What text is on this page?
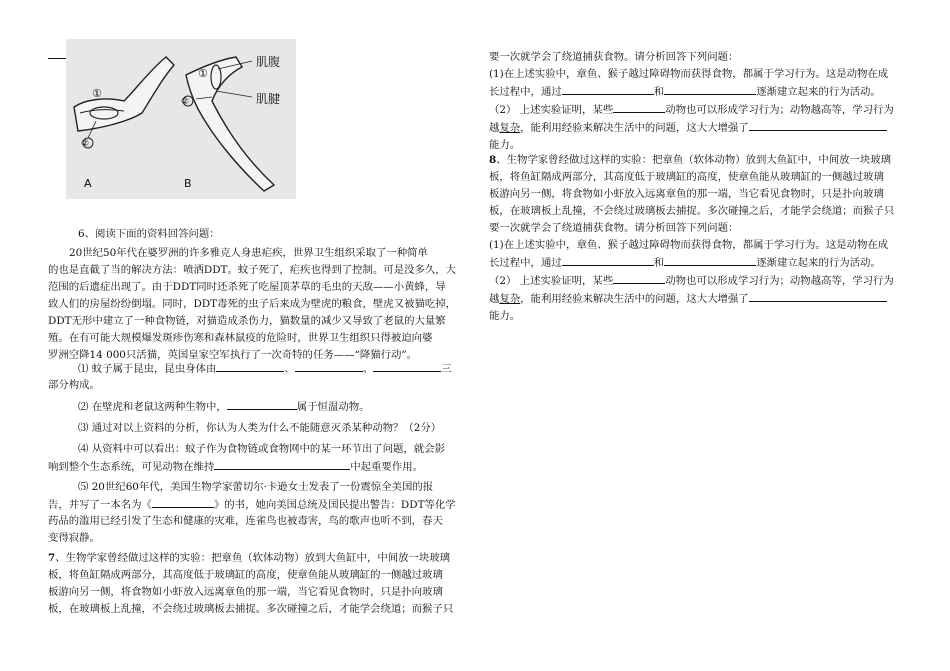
A	B
①
②
①
②
肌腹
肌腱

6、阅读下面的资料回答问题：

20世纪50年代在婆罗洲的许多雅克人身患疟疾，世界卫生组织采取了一种简单

的也是直截了当的解决方法：喷洒DDT。蚊子死了，疟疾也得到了控制。可是没多久，大

范围的后遗症出现了。由于DDT同时还杀死了吃屋顶茅草的毛虫的天敌——小黄蜂，导

致人们的房屋纷纷倒塌。同时，DDT毒死的虫子后来成为壁虎的粮食，壁虎又被猫吃掉，

DDT无形中建立了一种食物链，对猫造成杀伤力，猫数量的减少又导致了老鼠的大量繁

殖。在有可能大规模爆发斑疹伤寒和森林鼠疫的危险时，世界卫生组织只得被迫向婆

罗洲空降14 000只活猫，英国皇家空军执行了一次奇特的任务——“降猫行动”。

⑴ 蚊子属于昆虫，昆虫身体由	、	、	三

部分构成。

⑵ 在壁虎和老鼠这两种生物中，	属于恒温动物。

⑶ 通过对以上资料的分析，你认为人类为什么不能随意灭杀某种动物？（2分）

⑷ 从资料中可以看出：蚊子作为食物链或食物网中的某一环节出了问题，就会影

响到整个生态系统，可见动物在维持	中起重要作用。

⑸ 20世纪60年代，美国生物学家蕾切尔·卡逊女士发表了一份震惊全美国的报

告，并写了一本名为《	》的书，她向美国总统及国民提出警告：DDT等化学

药品的滥用已经引发了生态和健康的灾难，连雀鸟也被毒害，鸟的歌声也听不到，春天

变得寂静。

7、生物学家曾经做过这样的实验：把章鱼（软体动物）放到大鱼缸中，中间放一块玻璃

板，将鱼缸隔成两部分，其高度低于玻璃缸的高度，使章鱼能从玻璃缸的一侧越过玻璃

板游向另一侧，将食物如小虾放入远离章鱼的那一端，当它看见食物时，只是扑向玻璃

板，在玻璃板上乱撞，不会绕过玻璃板去捕捉。多次碰撞之后，才能学会绕道；而猴子只

要一次就学会了绕道捕获食物。请分析回答下列问题：

(1)在上述实验中，章鱼、猴子越过障碍物而获得食物，都属于学习行为。这是动物在成

长过程中，通过	和	逐渐建立起来的行为活动。

（2） 上述实验证明，某些	动物也可以形成学习行为；动物越高等，学习行为

越复杂，能利用经验来解决生活中的问题，这大大增强了

能力。

8、生物学家曾经做过这样的实验：把章鱼（软体动物）放到大鱼缸中，中间放一块玻璃

板，将鱼缸隔成两部分，其高度低于玻璃缸的高度，使章鱼能从玻璃缸的一侧越过玻璃

板游向另一侧，将食物如小虾放入远离章鱼的那一端，当它看见食物时，只是扑向玻璃

板，在玻璃板上乱撞，不会绕过玻璃板去捕捉。多次碰撞之后，才能学会绕道；而猴子只

要一次就学会了绕道捕获食物。请分析回答下列问题：

(1)在上述实验中，章鱼、猴子越过障碍物而获得食物，都属于学习行为。这是动物在成

长过程中，通过	和	逐渐建立起来的行为活动。

（2） 上述实验证明，某些	动物也可以形成学习行为；动物越高等，学习行为

越复杂，能利用经验来解决生活中的问题，这大大增强了

能力。
